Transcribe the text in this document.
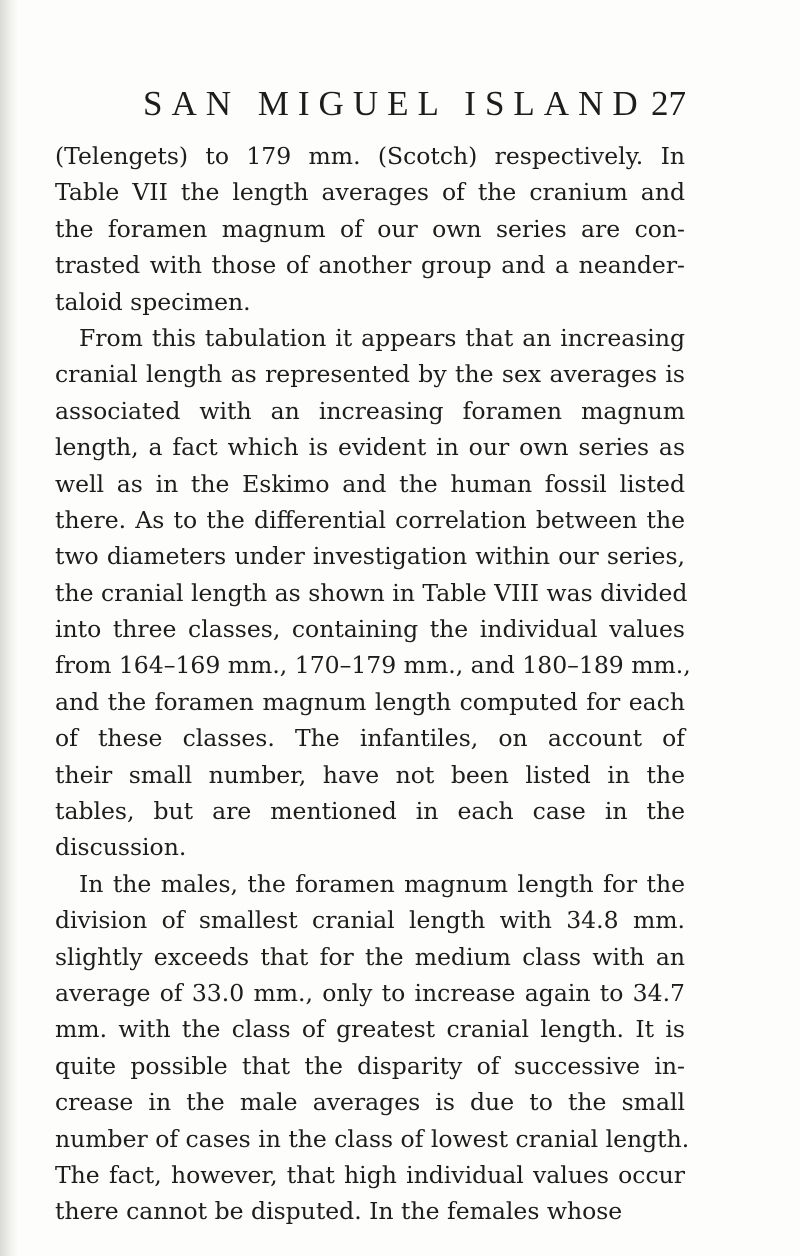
SAN MIGUEL ISLAND 27
(Telengets) to 179 mm. (Scotch) respectively. In
Table VII the length averages of the cranium and
the foramen magnum of our own series are con-
trasted with those of another group and a neander-
taloid specimen.
From this tabulation it appears that an increasing
cranial length as represented by the sex averages is
associated with an increasing foramen magnum
length, a fact which is evident in our own series as
well as in the Eskimo and the human fossil listed
there. As to the differential correlation between the
two diameters under investigation within our series,
the cranial length as shown in Table VIII was divided
into three classes, containing the individual values
from 164–169 mm., 170–179 mm., and 180–189 mm.,
and the foramen magnum length computed for each
of these classes. The infantiles, on account of
their small number, have not been listed in the
tables, but are mentioned in each case in the
discussion.
In the males, the foramen magnum length for the
division of smallest cranial length with 34.8 mm.
slightly exceeds that for the medium class with an
average of 33.0 mm., only to increase again to 34.7
mm. with the class of greatest cranial length. It is
quite possible that the disparity of successive in-
crease in the male averages is due to the small
number of cases in the class of lowest cranial length.
The fact, however, that high individual values occur
there cannot be disputed. In the females whose
